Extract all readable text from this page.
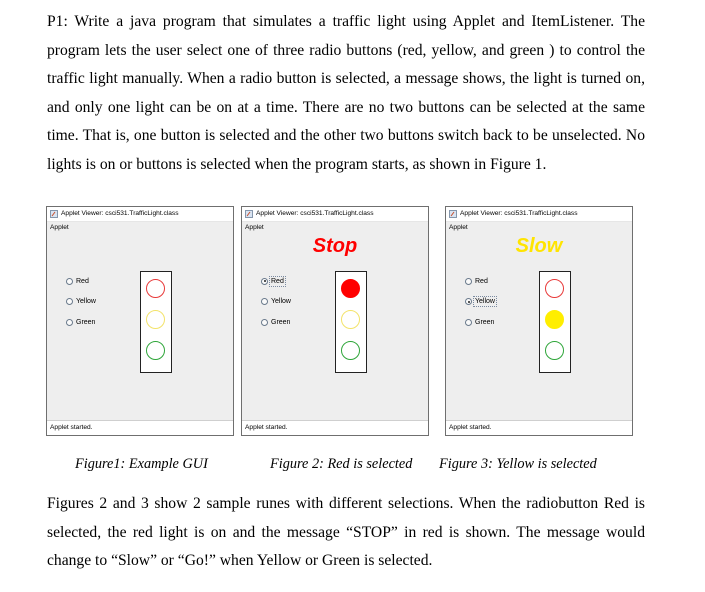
P1: Write a java program that simulates a traffic light using Applet and ItemListener. The program lets the user select one of three radio buttons (red, yellow, and green ) to control the traffic light manually. When a radio button is selected, a message shows, the light is turned on, and only one light can be on at a time. There are no two buttons can be selected at the same time. That is, one button is selected and the other two buttons switch back to be unselected. No lights is on or buttons is selected when the program starts, as shown in Figure 1.

Applet Viewer: csci531.TrafficLight.class
Applet
Red
Yellow
Green
Applet started.
Applet Viewer: csci531.TrafficLight.class
Applet
Stop
Red
Yellow
Green
Applet started.
Applet Viewer: csci531.TrafficLight.class
Applet
Slow
Red
Yellow
Green
Applet started.
Figure1: Example GUI	Figure 2: Red is selected Figure 3: Yellow is selected

Figures 2 and 3 show 2 sample runes with different selections. When the radiobutton Red is selected, the red light is on and the message “STOP” in red is shown. The message would change to “Slow” or “Go!” when Yellow or Green is selected.
